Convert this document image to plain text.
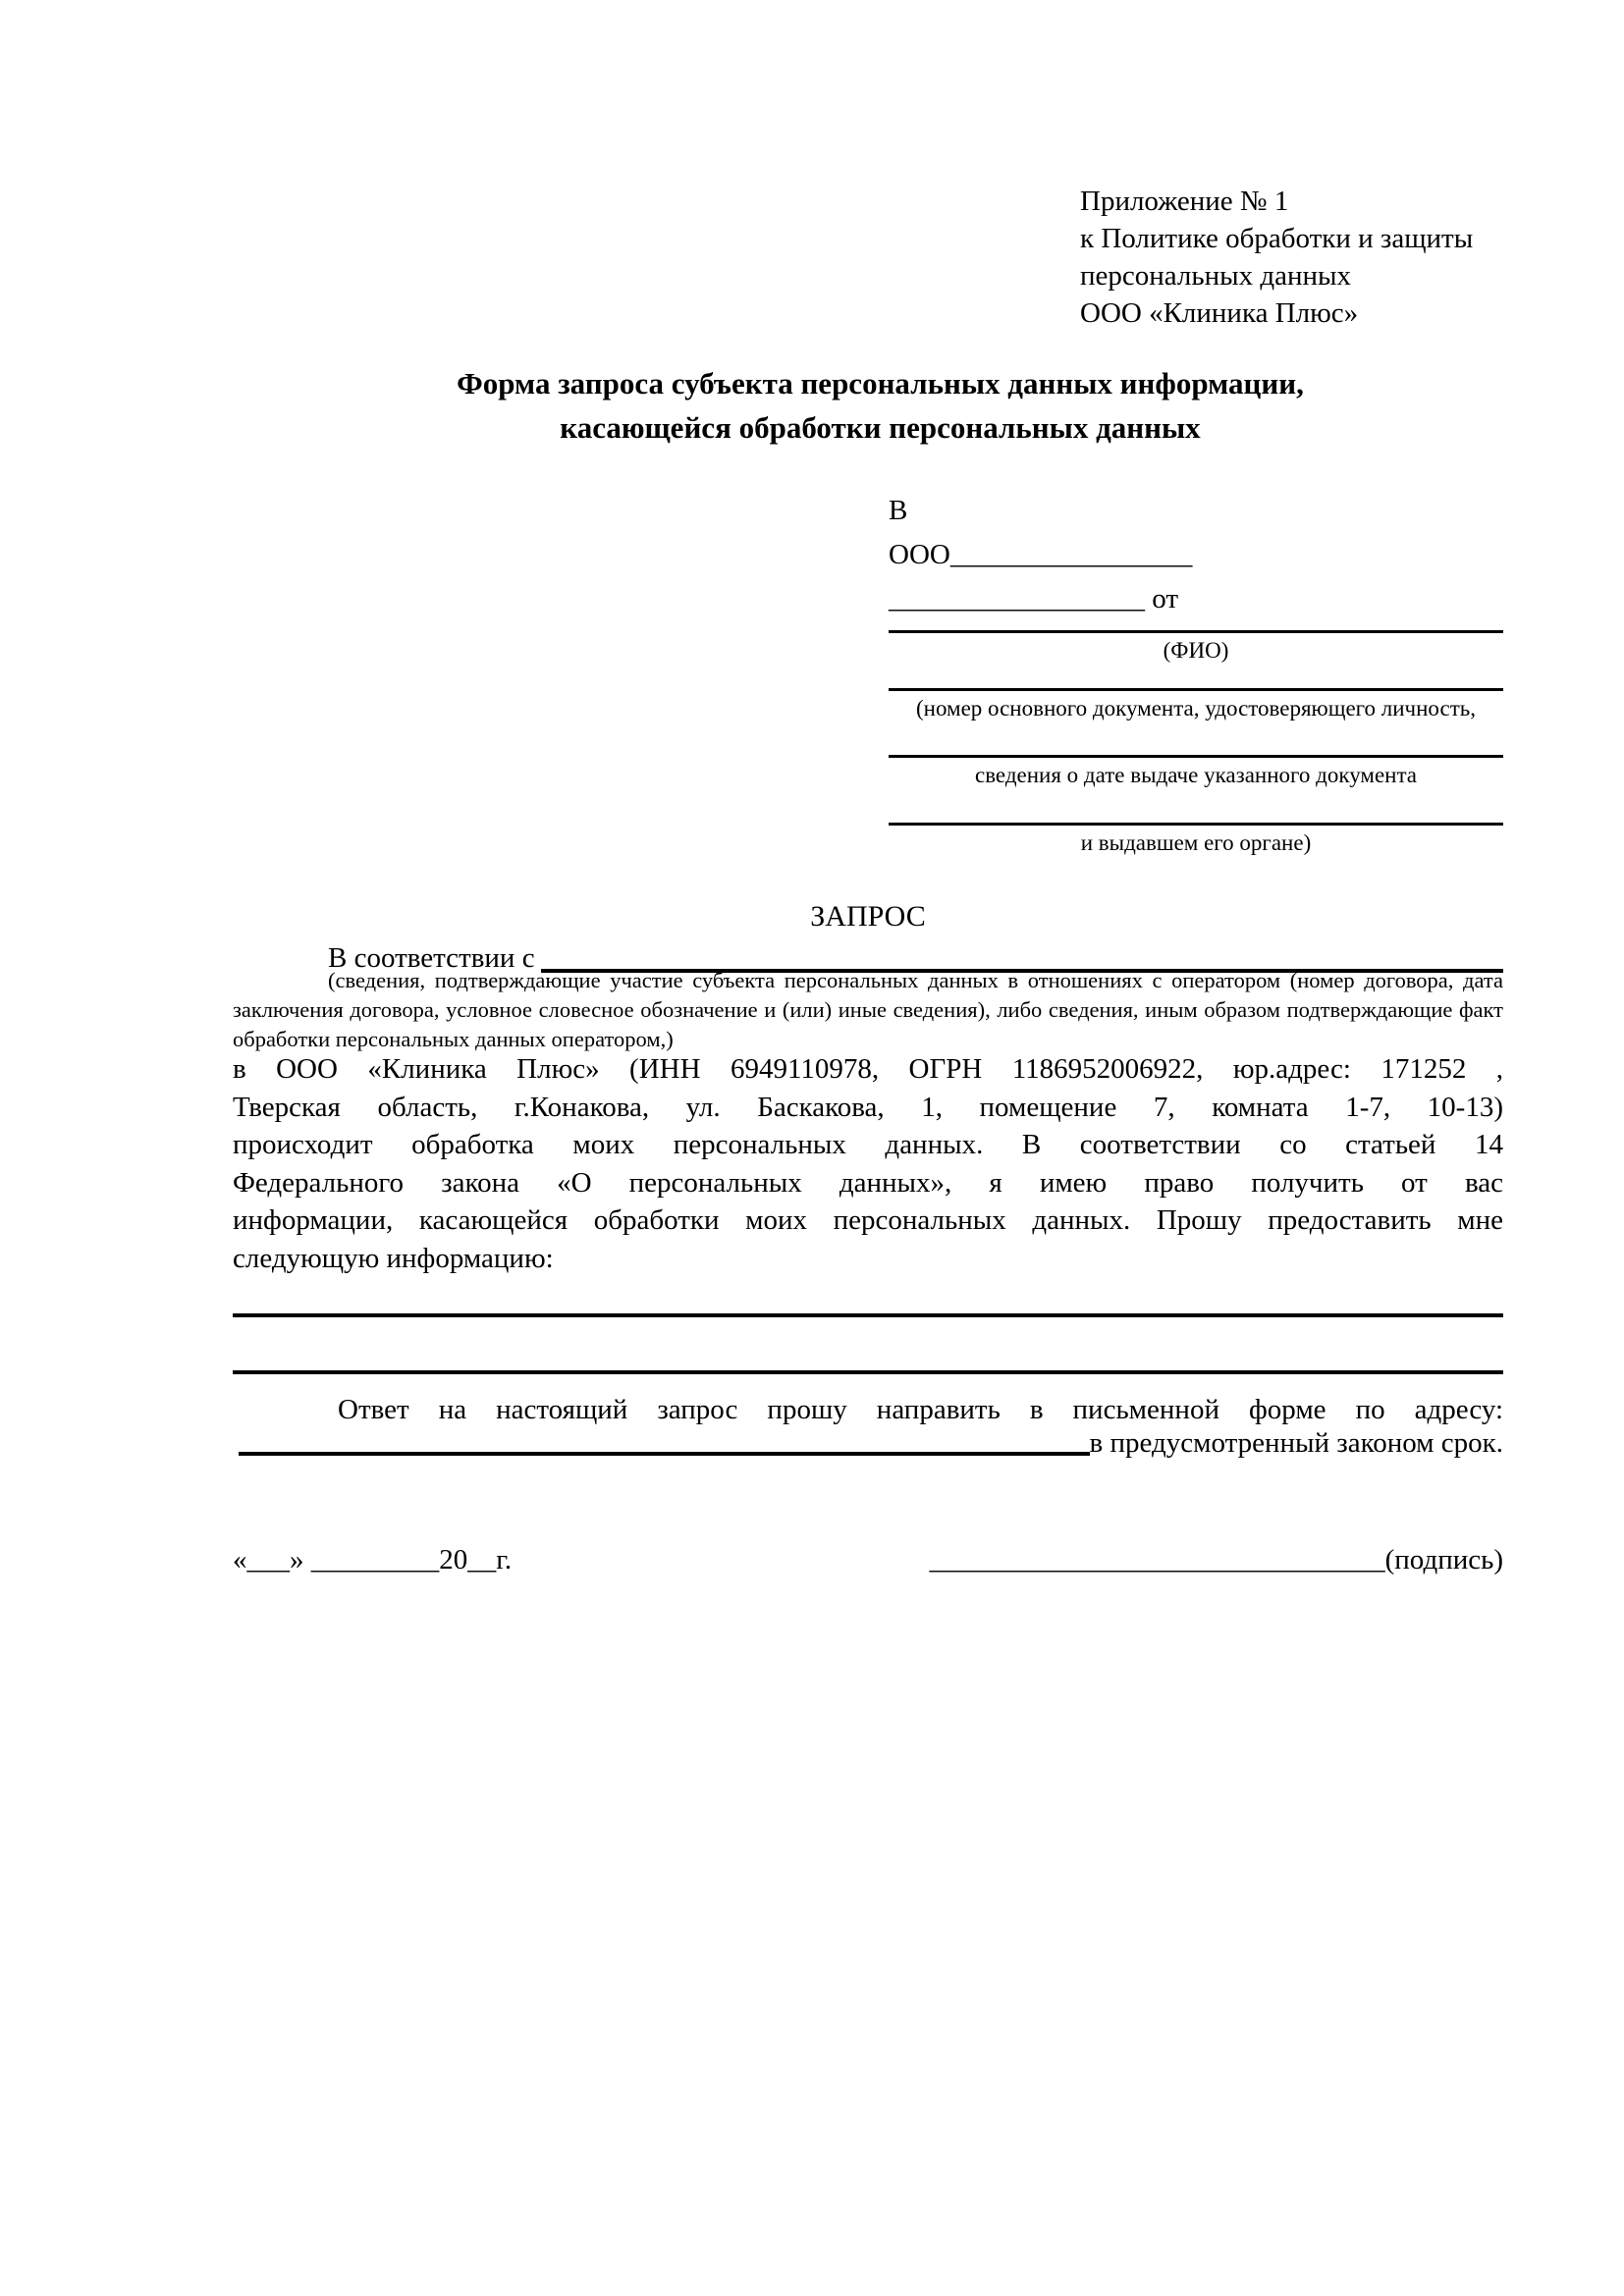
Приложение № 1
к Политике обработки и защиты
персональных данных
ООО «Клиника Плюс»
Форма запроса субъекта персональных данных информации,
касающейся обработки персональных данных
В
ООО_________________
__________________ от
(ФИО)
(номер основного документа, удостоверяющего личность,
сведения о дате выдаче указанного документа
и выдавшем его органе)
ЗАПРОС
В соответствии с
(сведения, подтверждающие участие субъекта персональных данных в отношениях с оператором (номер договора, дата
заключения договора, условное словесное обозначение и (или) иные сведения), либо сведения, иным образом подтверждающие факт
обработки персональных данных оператором,)
в ООО «Клиника Плюс» (ИНН 6949110978, ОГРН 1186952006922, юр.адрес: 171252 ,
Тверская область, г.Конакова, ул. Баскакова, 1, помещение 7, комната 1-7, 10-13)
происходит обработка моих персональных данных. В соответствии со статьей 14
Федерального закона «О персональных данных», я имею право получить от вас
информации, касающейся обработки моих персональных данных. Прошу предоставить мне
следующую информацию:
Ответ на настоящий запрос прошу направить в письменной форме по адресу:
в предусмотренный законом срок.
«___» _________20__г.	________________________________(подпись)
